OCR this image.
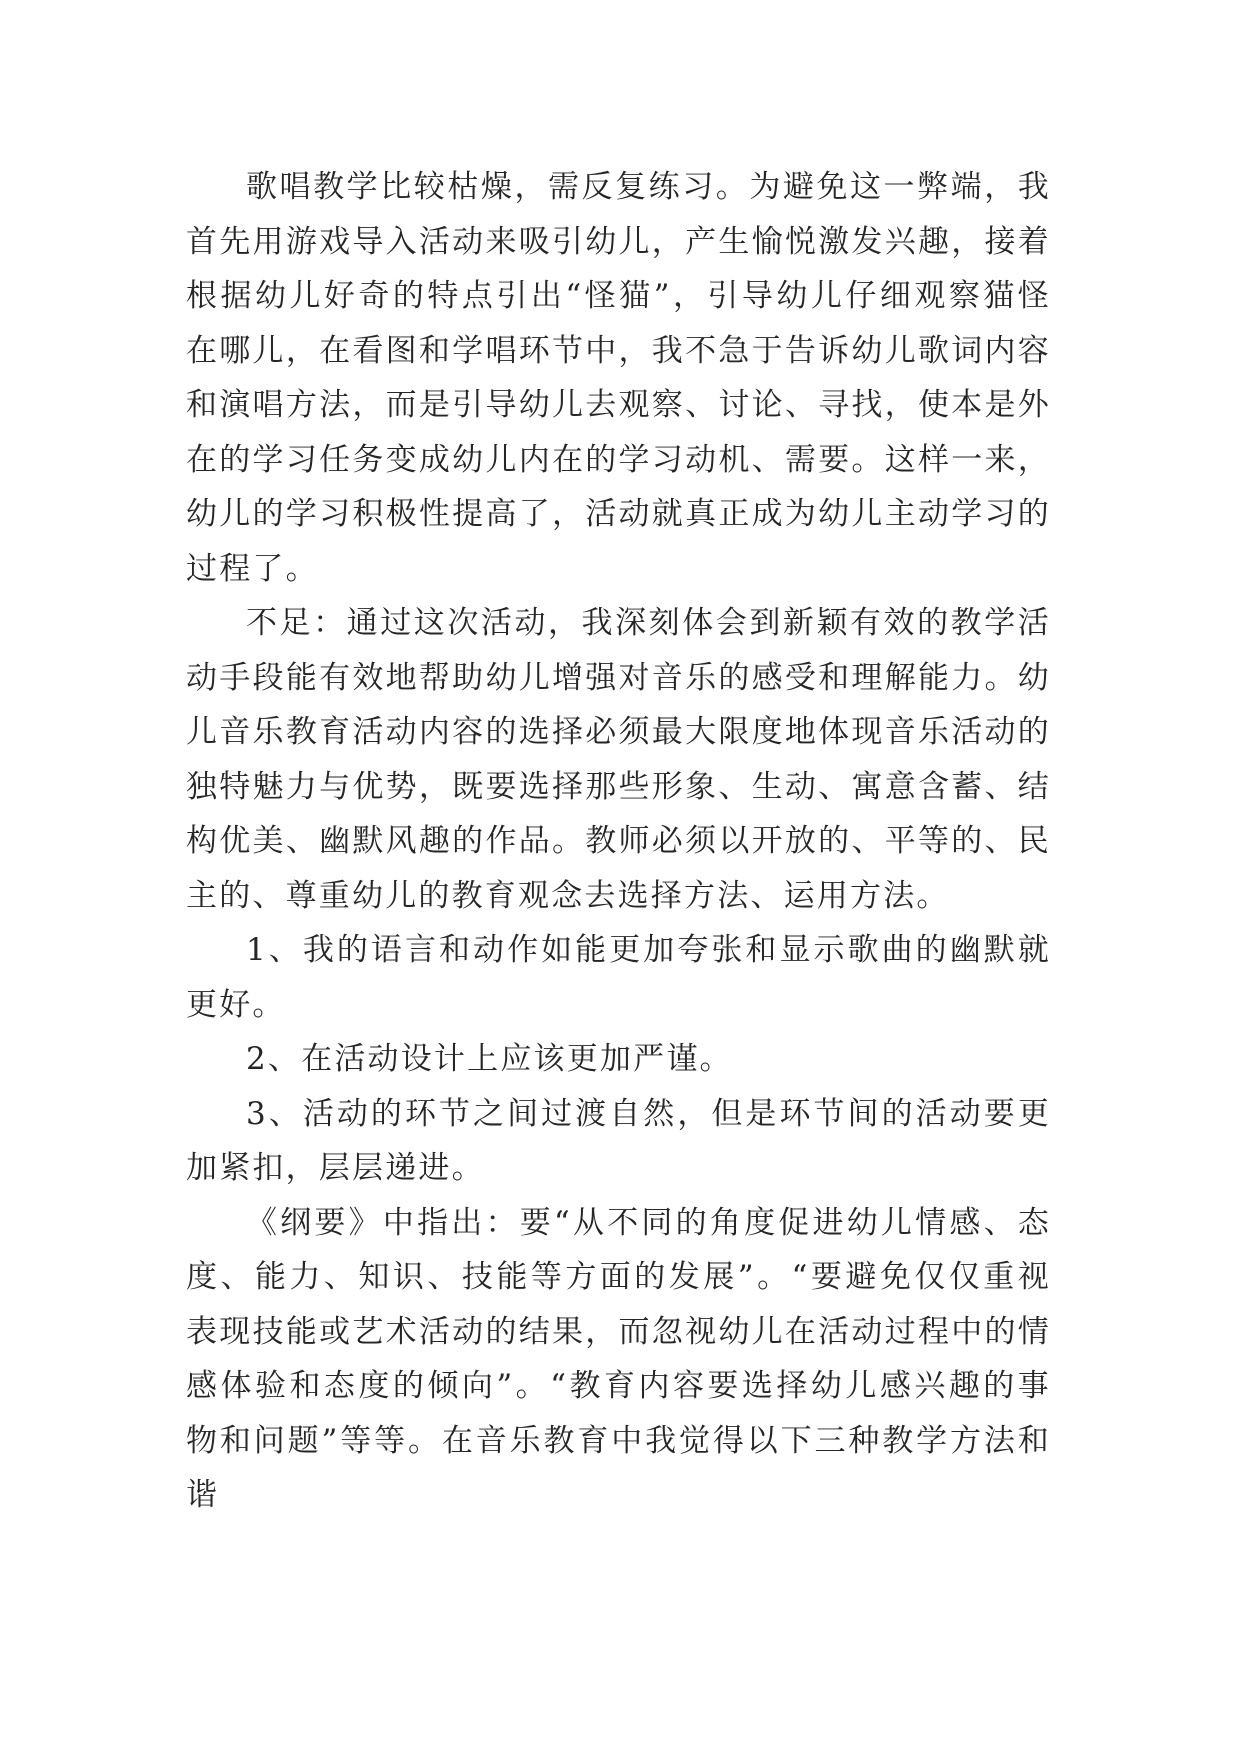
歌唱教学比较枯燥，需反复练习。为避免这一弊端，我首先用游戏导入活动来吸引幼儿，产生愉悦激发兴趣，接着根据幼儿好奇的特点引出“怪猫”，引导幼儿仔细观察猫怪在哪儿，在看图和学唱环节中，我不急于告诉幼儿歌词内容和演唱方法，而是引导幼儿去观察、讨论、寻找，使本是外在的学习任务变成幼儿内在的学习动机、需要。这样一来，幼儿的学习积极性提高了，活动就真正成为幼儿主动学习的过程了。

不足：通过这次活动，我深刻体会到新颖有效的教学活动手段能有效地帮助幼儿增强对音乐的感受和理解能力。幼儿音乐教育活动内容的选择必须最大限度地体现音乐活动的独特魅力与优势，既要选择那些形象、生动、寓意含蓄、结构优美、幽默风趣的作品。教师必须以开放的、平等的、民主的、尊重幼儿的教育观念去选择方法、运用方法。

1、我的语言和动作如能更加夸张和显示歌曲的幽默就更好。

2、在活动设计上应该更加严谨。

3、活动的环节之间过渡自然，但是环节间的活动要更加紧扣，层层递进。

《纲要》中指出：要“从不同的角度促进幼儿情感、态度、能力、知识、技能等方面的发展”。“要避免仅仅重视表现技能或艺术活动的结果，而忽视幼儿在活动过程中的情感体验和态度的倾向”。“教育内容要选择幼儿感兴趣的事物和问题”等等。在音乐教育中我觉得以下三种教学方法和谐
